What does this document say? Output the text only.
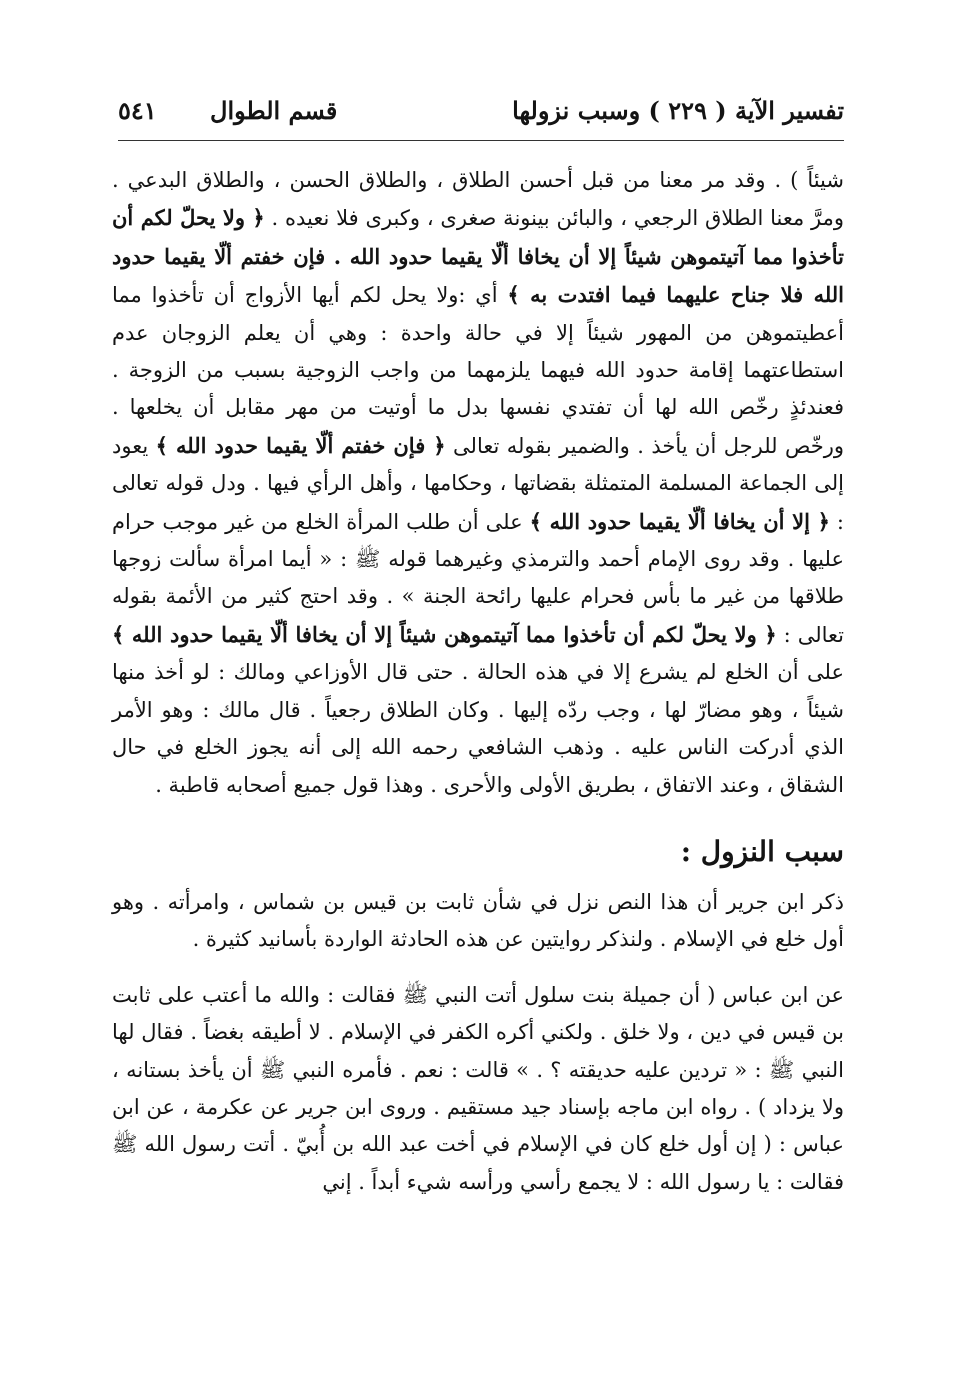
تفسير الآية ( ٢٢٩ ) وسبب نزولها
قسم الطوال
٥٤١

شيئاً ) . وقد مر معنا من قبل أحسن الطلاق ، والطلاق الحسن ، والطلاق البدعي . ومرَّ معنا الطلاق الرجعي ، والبائن بينونة صغرى ، وكبرى فلا نعيده . ﴿ ولا يحلّ لكم أن تأخذوا مما آتيتموهن شيئاً إلا أن يخافا ألّا يقيما حدود الله . فإن خفتم ألّا يقيما حدود الله فلا جناح عليهما فيما افتدت به ﴾ أي :ولا يحل لكم أيها الأزواج أن تأخذوا مما أعطيتموهن من المهور شيئاً إلا في حالة واحدة : وهي أن يعلم الزوجان عدم استطاعتهما إقامة حدود الله فيهما يلزمهما من واجب الزوجية بسبب من الزوجة . فعندئذٍ رخّص الله لها أن تفتدي نفسها بدل ما أوتيت من مهر مقابل أن يخلعها . ورخّص للرجل أن يأخذ . والضمير بقوله تعالى ﴿ فإن خفتم ألّا يقيما حدود الله ﴾ يعود إلى الجماعة المسلمة المتمثلة بقضاتها ، وحكامها ، وأهل الرأي فيها . ودل قوله تعالى : ﴿ إلا أن يخافا ألّا يقيما حدود الله ﴾ على أن طلب المرأة الخلع من غير موجب حرام عليها . وقد روى الإمام أحمد والترمذي وغيرهما قوله ﷺ : « أيما امرأة سألت زوجها طلاقها من غير ما بأس فحرام عليها رائحة الجنة » . وقد احتج كثير من الأئمة بقوله تعالى : ﴿ ولا يحلّ لكم أن تأخذوا مما آتيتموهن شيئاً إلا أن يخافا ألّا يقيما حدود الله ﴾ على أن الخلع لم يشرع إلا في هذه الحالة . حتى قال الأوزاعي ومالك : لو أخذ منها شيئاً ، وهو مضارّ لها ، وجب ردّه إليها . وكان الطلاق رجعياً . قال مالك : وهو الأمر الذي أدركت الناس عليه . وذهب الشافعي رحمه الله إلى أنه يجوز الخلع في حال الشقاق ، وعند الاتفاق ، بطريق الأولى والأحرى . وهذا قول جميع أصحابه قاطبة .

سبب النزول :

ذكر ابن جرير أن هذا النص نزل في شأن ثابت بن قيس بن شماس ، وامرأته . وهو أول خلع في الإسلام . ولنذكر روايتين عن هذه الحادثة الواردة بأسانيد كثيرة .

عن ابن عباس ( أن جميلة بنت سلول أتت النبي ﷺ فقالت : والله ما أعتب على ثابت بن قيس في دين ، ولا خلق . ولكني أكره الكفر في الإسلام . لا أطيقه بغضاً . فقال لها النبي ﷺ : « تردين عليه حديقته ؟ . » قالت : نعم . فأمره النبي ﷺ أن يأخذ بستانه ، ولا يزداد ) . رواه ابن ماجه بإسناد جيد مستقيم . وروى ابن جرير عن عكرمة ، عن ابن عباس : ( إن أول خلع كان في الإسلام في أخت عبد الله بن أُبيّ . أتت رسول الله ﷺ فقالت : يا رسول الله : لا يجمع رأسي ورأسه شيء أبداً . إني
